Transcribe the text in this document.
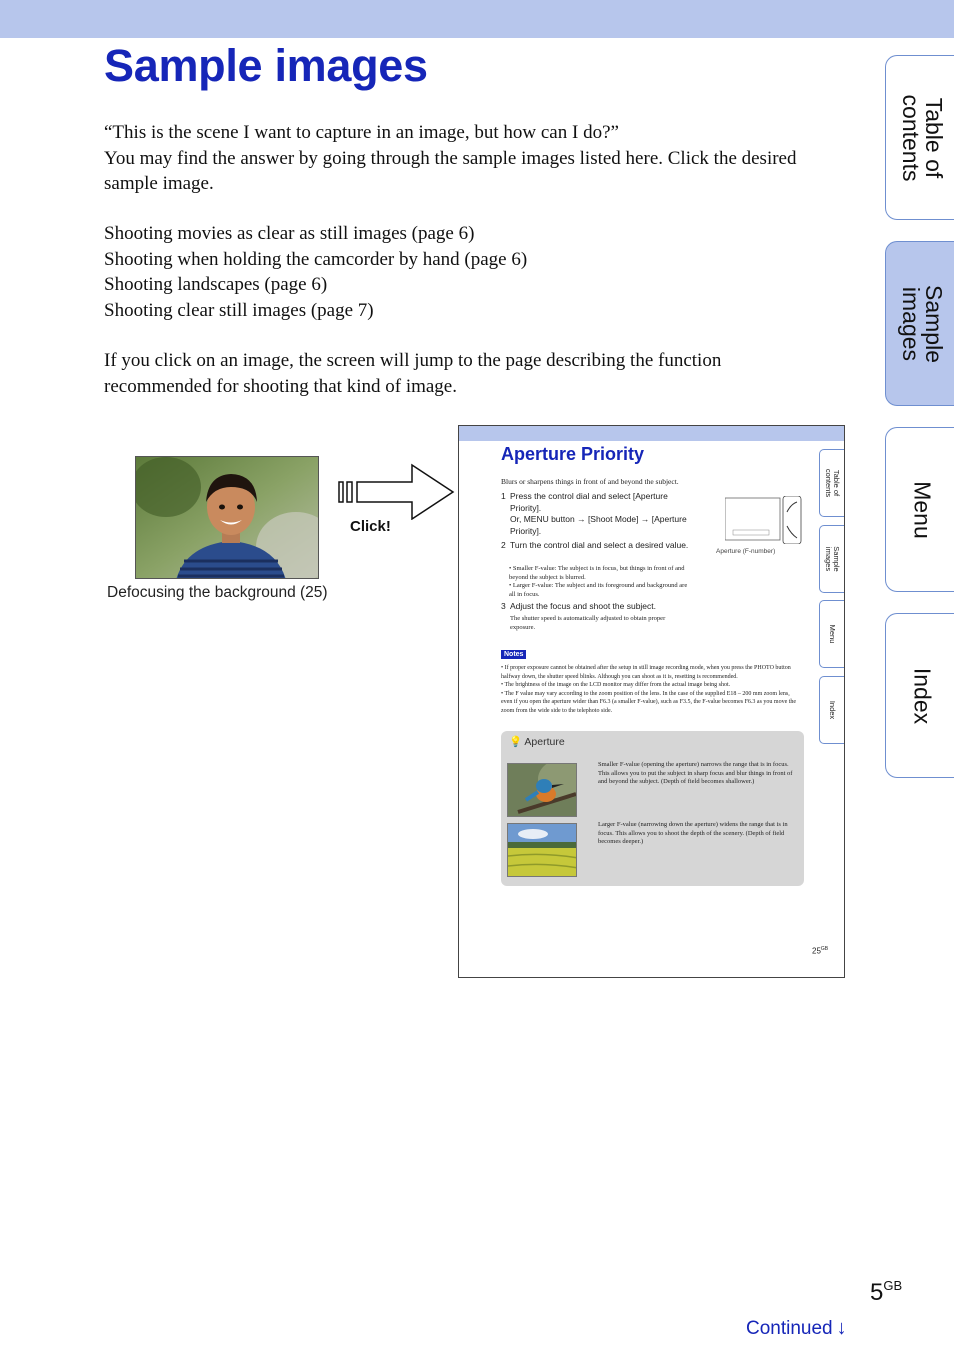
Sample images
“This is the scene I want to capture in an image, but how can I do?”
You may find the answer by going through the sample images listed here. Click the desired sample image.
Shooting movies as clear as still images (page 6)
Shooting when holding the camcorder by hand (page 6)
Shooting landscapes (page 6)
Shooting clear still images (page 7)
If you click on an image, the screen will jump to the page describing the function recommended for shooting that kind of image.
Table of
contents
Sample
images
Menu
Index
Defocusing the background (25)
Click!
Aperture Priority
Blurs or sharpens things in front of and beyond the subject.
1 Press the control dial and select [Aperture Priority].
Or, MENU button → [Shoot Mode] → [Aperture Priority].
2 Turn the control dial and select a desired value.
• Smaller F-value: The subject is in focus, but things in front of and beyond the subject is blurred.
• Larger F-value: The subject and its foreground and background are all in focus.
3 Adjust the focus and shoot the subject.
The shutter speed is automatically adjusted to obtain proper exposure.
Aperture (F-number)
Notes
• If proper exposure cannot be obtained after the setup in still image recording mode, when you press the PHOTO button halfway down, the shutter speed blinks. Although you can shoot as it is, resetting is recommended.
• The brightness of the image on the LCD monitor may differ from the actual image being shot.
• The F value may vary according to the zoom position of the lens. In the case of the supplied E18 – 200 mm zoom lens, even if you open the aperture wider than F6.3 (a smaller F-value), such as F3.5, the F-value becomes F6.3 as you move the zoom from the wide side to the telephoto side.
💡 Aperture
Smaller F-value (opening the aperture) narrows the range that is in focus. This allows you to put the subject in sharp focus and blur things in front of and beyond the subject. (Depth of field becomes shallower.)
Larger F-value (narrowing down the aperture) widens the range that is in focus. This allows you to shoot the depth of the scenery. (Depth of field becomes deeper.)
Table of
contents
Sample
images
Menu
Index
$25^{GB}$
$5^{GB}$
Continued ↓
